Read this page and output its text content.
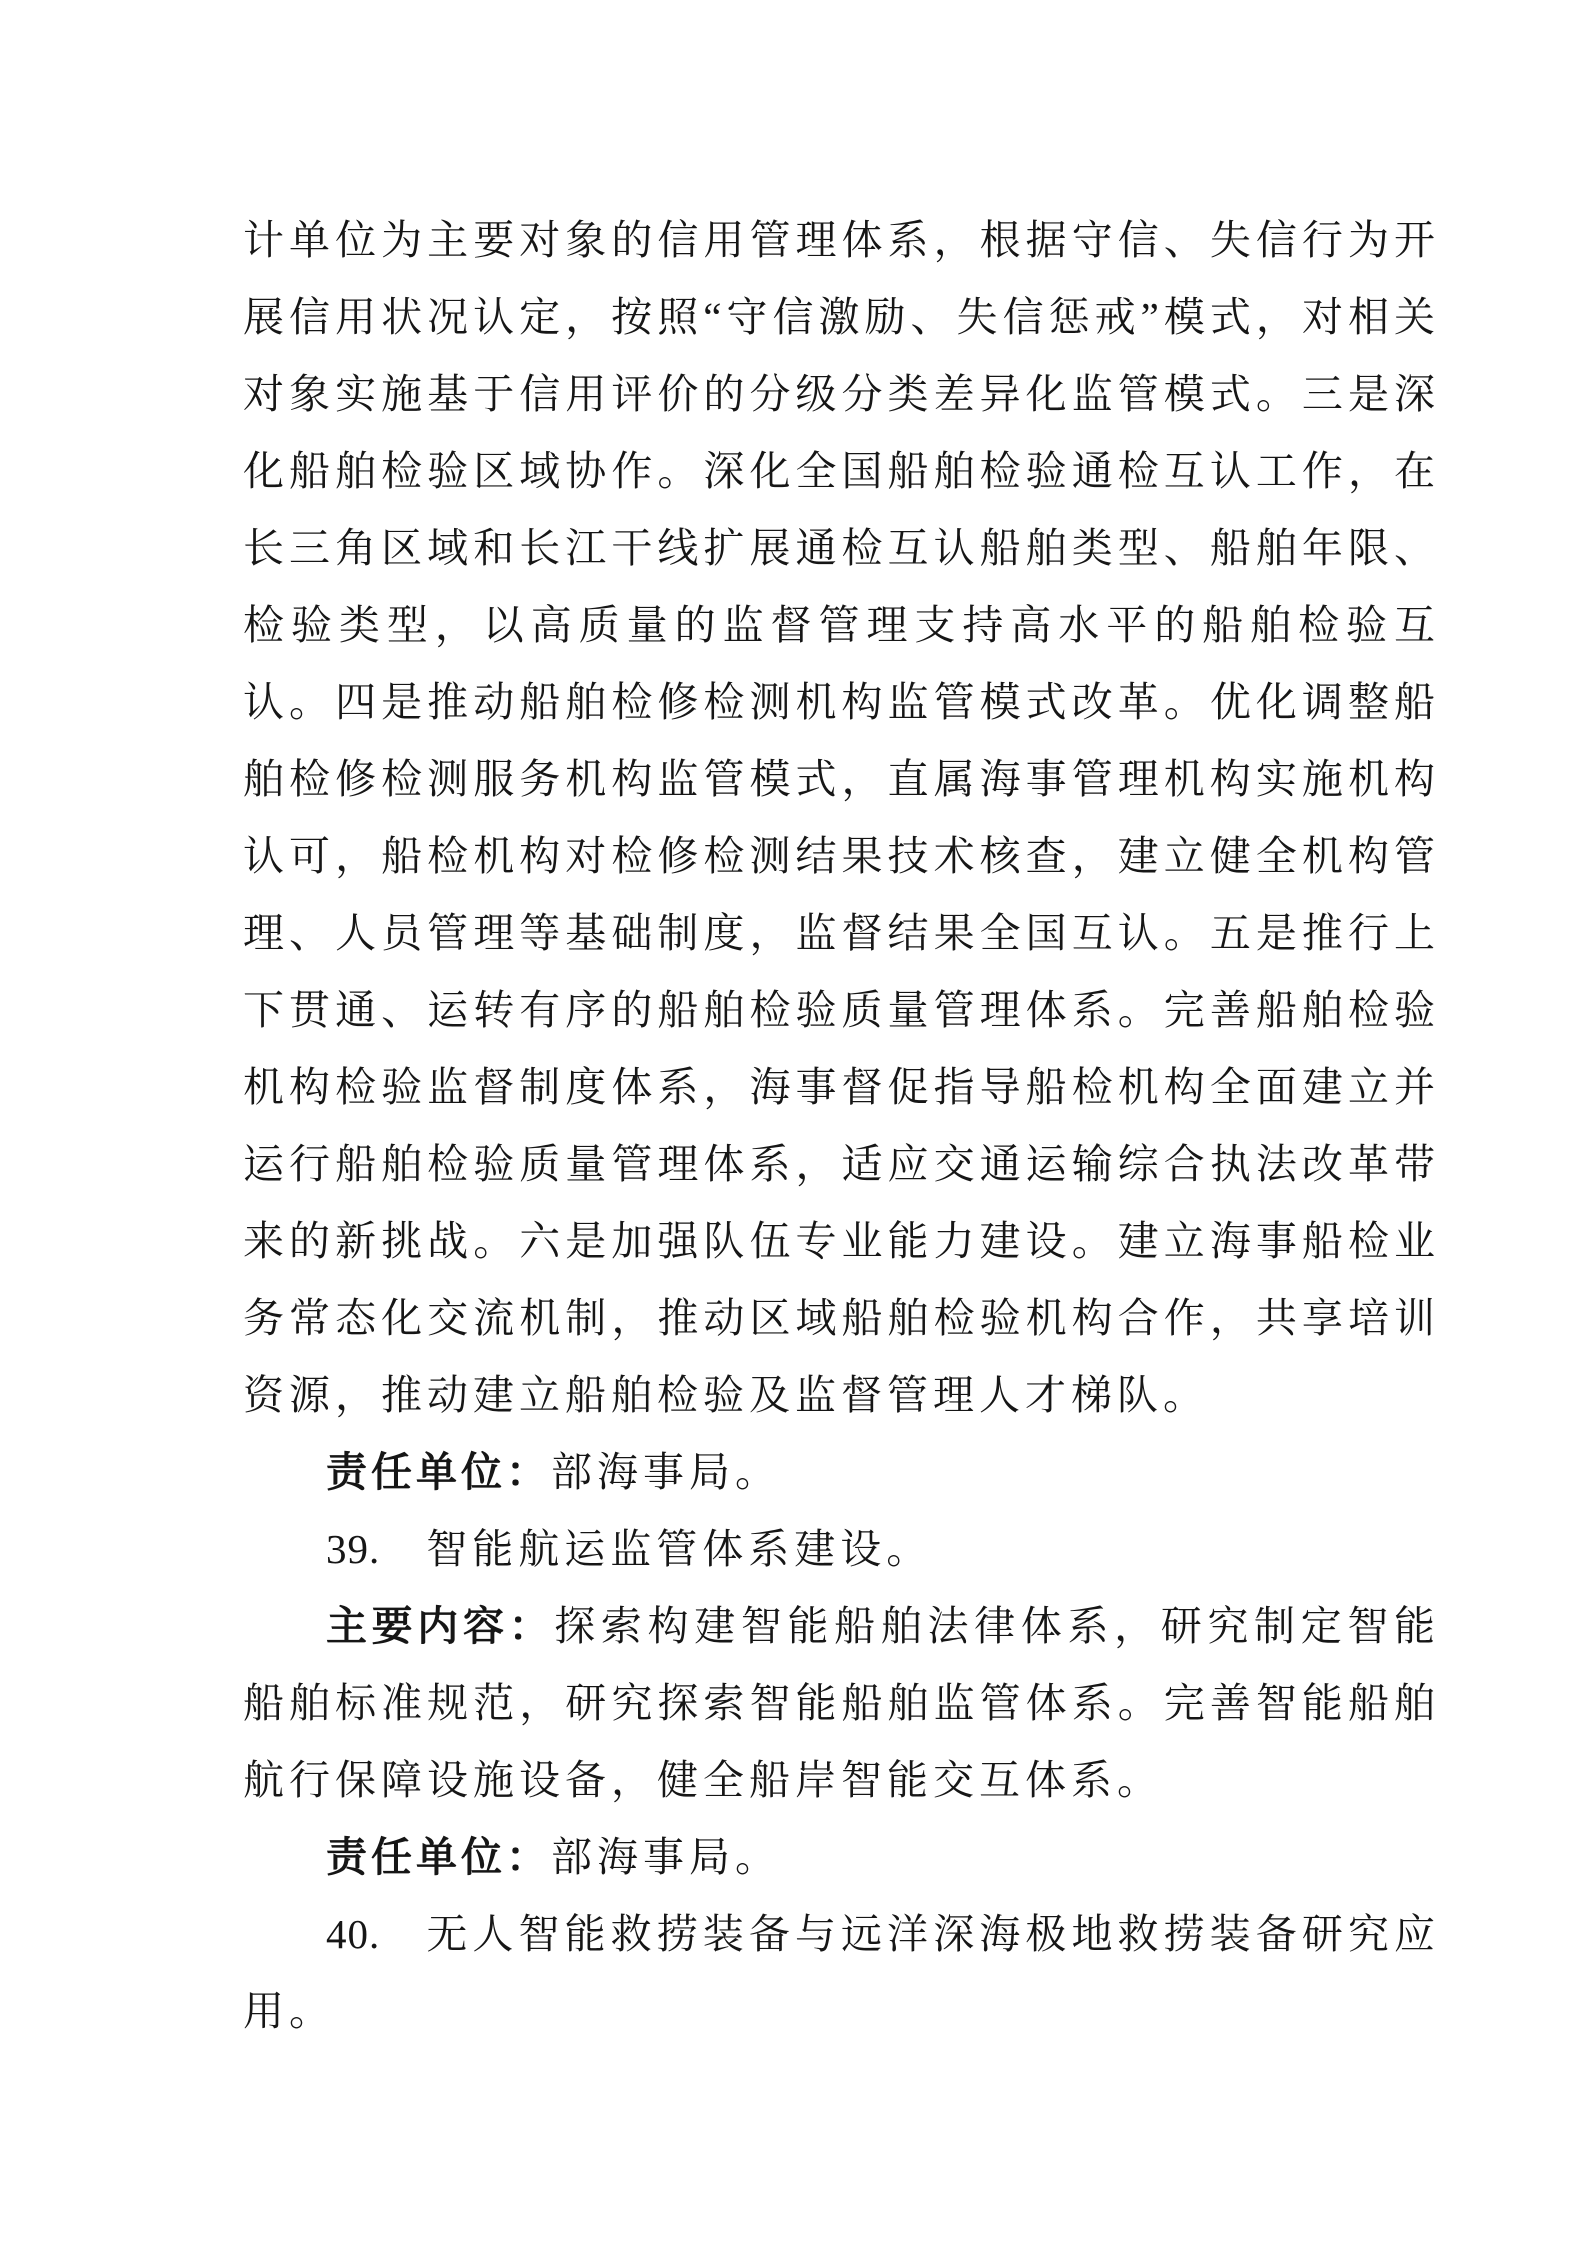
计单位为主要对象的信用管理体系，根据守信、失信行为开展信用状况认定，按照“守信激励、失信惩戒”模式，对相关对象实施基于信用评价的分级分类差异化监管模式。三是深化船舶检验区域协作。深化全国船舶检验通检互认工作，在长三角区域和长江干线扩展通检互认船舶类型、船舶年限、检验类型，以高质量的监督管理支持高水平的船舶检验互认。四是推动船舶检修检测机构监管模式改革。优化调整船舶检修检测服务机构监管模式，直属海事管理机构实施机构认可，船检机构对检修检测结果技术核查，建立健全机构管理、人员管理等基础制度，监督结果全国互认。五是推行上下贯通、运转有序的船舶检验质量管理体系。完善船舶检验机构检验监督制度体系，海事督促指导船检机构全面建立并运行船舶检验质量管理体系，适应交通运输综合执法改革带来的新挑战。六是加强队伍专业能力建设。建立海事船检业务常态化交流机制，推动区域船舶检验机构合作，共享培训资源，推动建立船舶检验及监督管理人才梯队。

责任单位：部海事局。

39. 智能航运监管体系建设。

主要内容：探索构建智能船舶法律体系，研究制定智能船舶标准规范，研究探索智能船舶监管体系。完善智能船舶航行保障设施设备，健全船岸智能交互体系。

责任单位：部海事局。

40. 无人智能救捞装备与远洋深海极地救捞装备研究应用。
